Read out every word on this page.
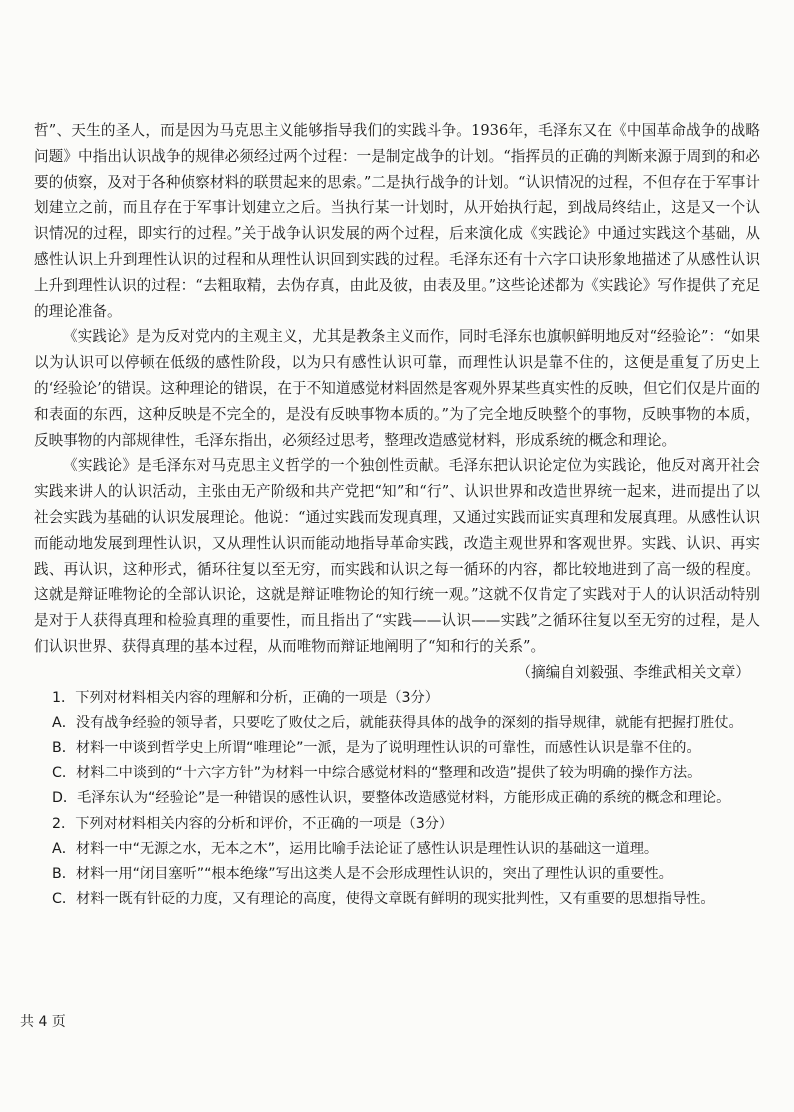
哲”、天生的圣人，而是因为马克思主义能够指导我们的实践斗争。1936年，毛泽东又在《中国革命战争的战略问题》中指出认识战争的规律必须经过两个过程：一是制定战争的计划。“指挥员的正确的判断来源于周到的和必要的侦察，及对于各种侦察材料的联贯起来的思索。”二是执行战争的计划。“认识情况的过程，不但存在于军事计划建立之前，而且存在于军事计划建立之后。当执行某一计划时，从开始执行起，到战局终结止，这是又一个认识情况的过程，即实行的过程。”关于战争认识发展的两个过程，后来演化成《实践论》中通过实践这个基础，从感性认识上升到理性认识的过程和从理性认识回到实践的过程。毛泽东还有十六字口诀形象地描述了从感性认识上升到理性认识的过程：“去粗取精，去伪存真，由此及彼，由表及里。”这些论述都为《实践论》写作提供了充足的理论准备。

《实践论》是为反对党内的主观主义，尤其是教条主义而作，同时毛泽东也旗帜鲜明地反对“经验论”：“如果以为认识可以停顿在低级的感性阶段，以为只有感性认识可靠，而理性认识是靠不住的，这便是重复了历史上的‘经验论’的错误。这种理论的错误，在于不知道感觉材料固然是客观外界某些真实性的反映，但它们仅是片面的和表面的东西，这种反映是不完全的，是没有反映事物本质的。”为了完全地反映整个的事物，反映事物的本质，反映事物的内部规律性，毛泽东指出，必须经过思考，整理改造感觉材料，形成系统的概念和理论。

《实践论》是毛泽东对马克思主义哲学的一个独创性贡献。毛泽东把认识论定位为实践论，他反对离开社会实践来讲人的认识活动，主张由无产阶级和共产党把“知”和“行”、认识世界和改造世界统一起来，进而提出了以社会实践为基础的认识发展理论。他说：“通过实践而发现真理，又通过实践而证实真理和发展真理。从感性认识而能动地发展到理性认识，又从理性认识而能动地指导革命实践，改造主观世界和客观世界。实践、认识、再实践、再认识，这种形式，循环往复以至无穷，而实践和认识之每一循环的内容，都比较地进到了高一级的程度。这就是辩证唯物论的全部认识论，这就是辩证唯物论的知行统一观。”这就不仅肯定了实践对于人的认识活动特别是对于人获得真理和检验真理的重要性，而且指出了“实践——认识——实践”之循环往复以至无穷的过程，是人们认识世界、获得真理的基本过程，从而唯物而辩证地阐明了“知和行的关系”。

（摘编自刘毅强、李维武相关文章）

1．下列对材料相关内容的理解和分析，正确的一项是（3分）

A．没有战争经验的领导者，只要吃了败仗之后，就能获得具体的战争的深刻的指导规律，就能有把握打胜仗。

B．材料一中谈到哲学史上所谓“唯理论”一派，是为了说明理性认识的可靠性，而感性认识是靠不住的。

C．材料二中谈到的“十六字方针”为材料一中综合感觉材料的“整理和改造”提供了较为明确的操作方法。

D．毛泽东认为“经验论”是一种错误的感性认识，要整体改造感觉材料，方能形成正确的系统的概念和理论。

2．下列对材料相关内容的分析和评价，不正确的一项是（3分）

A．材料一中“无源之水，无本之木”，运用比喻手法论证了感性认识是理性认识的基础这一道理。

B．材料一用“闭目塞听”“根本绝缘”写出这类人是不会形成理性认识的，突出了理性认识的重要性。

C．材料一既有针砭的力度，又有理论的高度，使得文章既有鲜明的现实批判性，又有重要的思想指导性。

共 4 页
